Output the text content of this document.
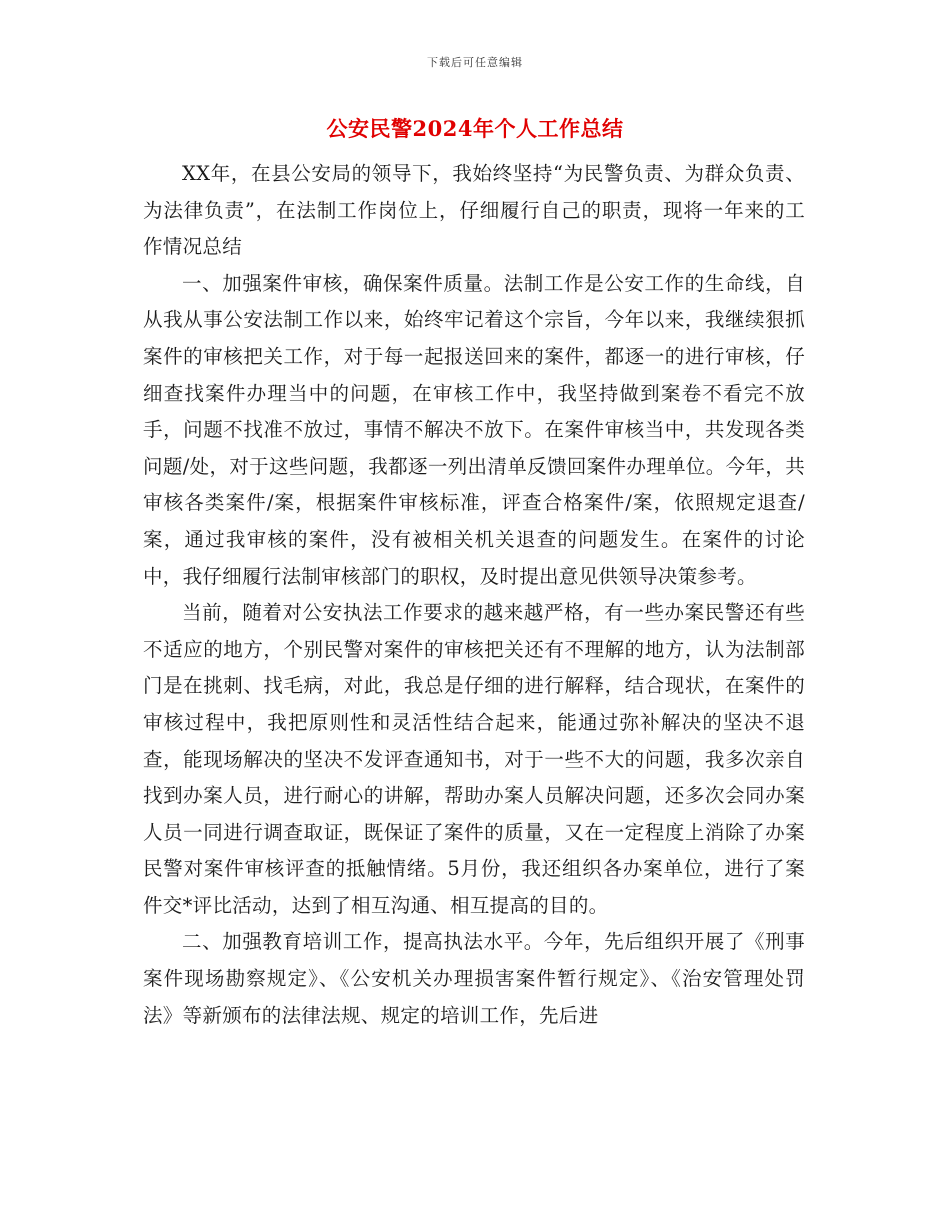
下载后可任意编辑
公安民警2024年个人工作总结

XX年，在县公安局的领导下，我始终坚持“为民警负责、为群众负责、为法律负责”，在法制工作岗位上，仔细履行自己的职责，现将一年来的工作情况总结

一、加强案件审核，确保案件质量。法制工作是公安工作的生命线，自从我从事公安法制工作以来，始终牢记着这个宗旨，今年以来，我继续狠抓案件的审核把关工作，对于每一起报送回来的案件，都逐一的进行审核，仔细查找案件办理当中的问题，在审核工作中，我坚持做到案卷不看完不放手，问题不找准不放过，事情不解决不放下。在案件审核当中，共发现各类问题/处，对于这些问题，我都逐一列出清单反馈回案件办理单位。今年，共审核各类案件/案，根据案件审核标准，评查合格案件/案，依照规定退查/案，通过我审核的案件，没有被相关机关退查的问题发生。在案件的讨论中，我仔细履行法制审核部门的职权，及时提出意见供领导决策参考。

当前，随着对公安执法工作要求的越来越严格，有一些办案民警还有些不适应的地方，个别民警对案件的审核把关还有不理解的地方，认为法制部门是在挑刺、找毛病，对此，我总是仔细的进行解释，结合现状，在案件的审核过程中，我把原则性和灵活性结合起来，能通过弥补解决的坚决不退查，能现场解决的坚决不发评查通知书，对于一些不大的问题，我多次亲自找到办案人员，进行耐心的讲解，帮助办案人员解决问题，还多次会同办案人员一同进行调查取证，既保证了案件的质量，又在一定程度上消除了办案民警对案件审核评查的抵触情绪。5月份，我还组织各办案单位，进行了案件交*评比活动，达到了相互沟通、相互提高的目的。

二、加强教育培训工作，提高执法水平。今年，先后组织开展了《刑事案件现场勘察规定》、《公安机关办理损害案件暂行规定》、《治安管理处罚法》等新颁布的法律法规、规定的培训工作，先后进
